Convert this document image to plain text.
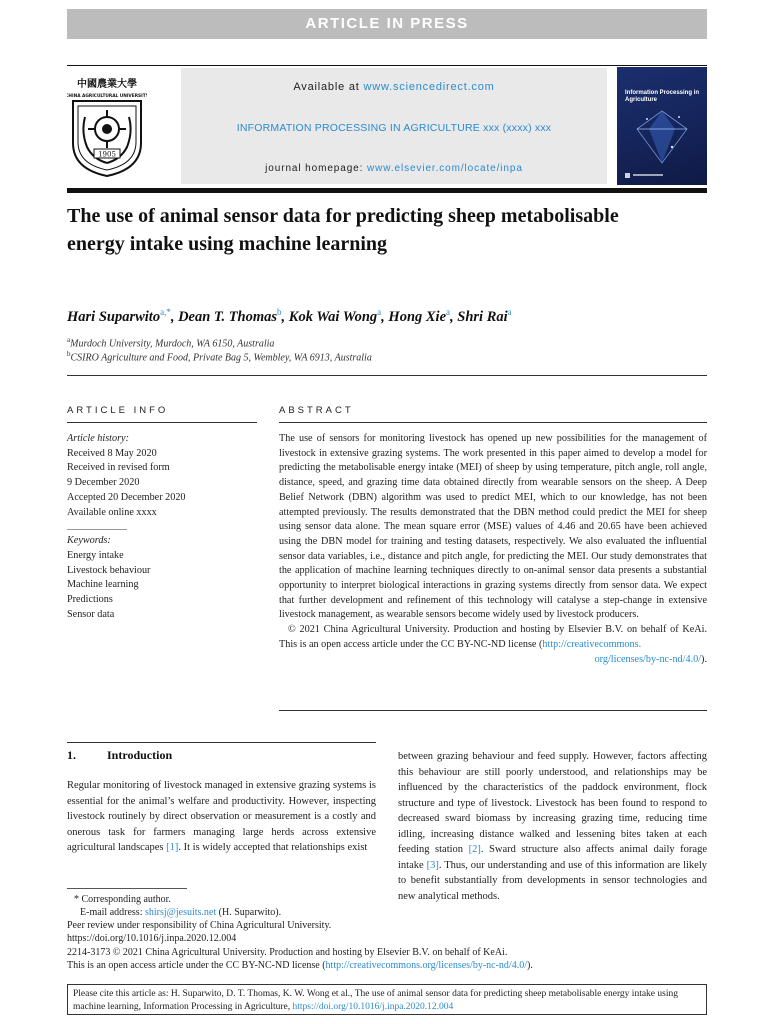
ARTICLE IN PRESS
中國農業大學
CHINA AGRICULTURAL UNIVERSITY
1905
Available at www.sciencedirect.com
INFORMATION PROCESSING IN AGRICULTURE xxx (xxxx) xxx
journal homepage: www.elsevier.com/locate/inpa
Information Processing in Agriculture
The use of animal sensor data for predicting sheep metabolisable energy intake using machine learning
Hari Suparwito$^{a,*}$, Dean T. Thomas$^b$, Kok Wai Wong$^a$, Hong Xie$^a$, Shri Rai$^a$
$^a$Murdoch University, Murdoch, WA 6150, Australia
$^b$CSIRO Agriculture and Food, Private Bag 5, Wembley, WA 6913, Australia
ARTICLE INFO
Article history:
Received 8 May 2020
Received in revised form
9 December 2020
Accepted 20 December 2020
Available online xxxx
Keywords:
Energy intake
Livestock behaviour
Machine learning
Predictions
Sensor data
ABSTRACT

The use of sensors for monitoring livestock has opened up new possibilities for the management of livestock in extensive grazing systems. The work presented in this paper aimed to develop a model for predicting the metabolisable energy intake (MEI) of sheep by using temperature, pitch angle, roll angle, distance, speed, and grazing time data obtained directly from wearable sensors on the sheep. A Deep Belief Network (DBN) algorithm was used to predict MEI, which to our knowledge, has not been attempted previously. The results demonstrated that the DBN method could predict the MEI for sheep using sensor data alone. The mean square error (MSE) values of 4.46 and 20.65 have been achieved using the DBN model for training and testing datasets, respectively. We also evaluated the influential sensor data variables, i.e., distance and pitch angle, for predicting the MEI. Our study demonstrates that the application of machine learning techniques directly to on-animal sensor data presents a substantial opportunity to interpret biological interactions in grazing systems directly from sensor data. We expect that further development and refinement of this technology will catalyse a step-change in extensive livestock management, as wearable sensors become widely used by livestock producers.

© 2021 China Agricultural University. Production and hosting by Elsevier B.V. on behalf of KeAi. This is an open access article under the CC BY-NC-ND license (http://creativecommons.

org/licenses/by-nc-nd/4.0/).

1.	Introduction
Regular monitoring of livestock managed in extensive grazing systems is essential for the animal’s welfare and productivity. However, inspecting livestock routinely by direct observation or measurement is a costly and onerous task for farmers managing large herds across extensive agricultural landscapes [1]. It is widely accepted that relationships exist
between grazing behaviour and feed supply. However, factors affecting this behaviour are still poorly understood, and relationships may be influenced by the characteristics of the paddock environment, flock structure and type of livestock. Livestock has been found to respond to decreased sward biomass by increasing grazing time, reducing time idling, increasing distance walked and lessening bites taken at each feeding station [2]. Sward structure also affects animal daily forage intake [3]. Thus, our understanding and use of this information are likely to benefit substantially from developments in sensor technologies and new analytical methods.
* Corresponding author.
E-mail address: shirsj@jesuits.net (H. Suparwito).
Peer review under responsibility of China Agricultural University.
https://doi.org/10.1016/j.inpa.2020.12.004
2214-3173 © 2021 China Agricultural University. Production and hosting by Elsevier B.V. on behalf of KeAi.
This is an open access article under the CC BY-NC-ND license (http://creativecommons.org/licenses/by-nc-nd/4.0/).
Please cite this article as: H. Suparwito, D. T. Thomas, K. W. Wong et al., The use of animal sensor data for predicting sheep metabolisable energy intake using machine learning, Information Processing in Agriculture, https://doi.org/10.1016/j.inpa.2020.12.004
